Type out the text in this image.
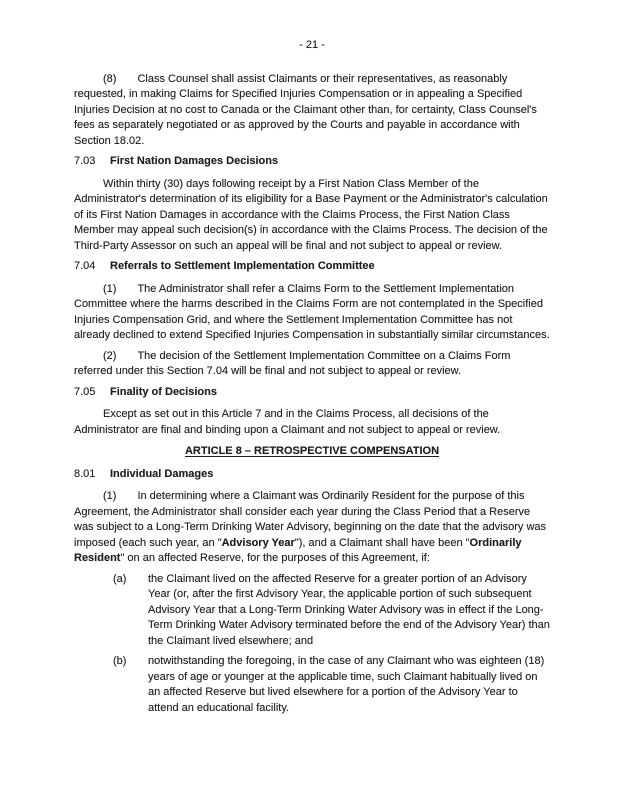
- 21 -

(8) Class Counsel shall assist Claimants or their representatives, as reasonably requested, in making Claims for Specified Injuries Compensation or in appealing a Specified Injuries Decision at no cost to Canada or the Claimant other than, for certainty, Class Counsel's fees as separately negotiated or as approved by the Courts and payable in accordance with Section 18.02.

7.03 First Nation Damages Decisions

Within thirty (30) days following receipt by a First Nation Class Member of the Administrator's determination of its eligibility for a Base Payment or the Administrator's calculation of its First Nation Damages in accordance with the Claims Process, the First Nation Class Member may appeal such decision(s) in accordance with the Claims Process. The decision of the Third-Party Assessor on such an appeal will be final and not subject to appeal or review.

7.04 Referrals to Settlement Implementation Committee

(1) The Administrator shall refer a Claims Form to the Settlement Implementation Committee where the harms described in the Claims Form are not contemplated in the Specified Injuries Compensation Grid, and where the Settlement Implementation Committee has not already declined to extend Specified Injuries Compensation in substantially similar circumstances.

(2) The decision of the Settlement Implementation Committee on a Claims Form referred under this Section 7.04 will be final and not subject to appeal or review.

7.05 Finality of Decisions

Except as set out in this Article 7 and in the Claims Process, all decisions of the Administrator are final and binding upon a Claimant and not subject to appeal or review.

ARTICLE 8 – RETROSPECTIVE COMPENSATION
8.01 Individual Damages

(1) In determining where a Claimant was Ordinarily Resident for the purpose of this Agreement, the Administrator shall consider each year during the Class Period that a Reserve was subject to a Long-Term Drinking Water Advisory, beginning on the date that the advisory was imposed (each such year, an "Advisory Year"), and a Claimant shall have been "Ordinarily Resident" on an affected Reserve, for the purposes of this Agreement, if:

(a) the Claimant lived on the affected Reserve for a greater portion of an Advisory Year (or, after the first Advisory Year, the applicable portion of such subsequent Advisory Year that a Long-Term Drinking Water Advisory was in effect if the Long-Term Drinking Water Advisory terminated before the end of the Advisory Year) than the Claimant lived elsewhere; and
(b) notwithstanding the foregoing, in the case of any Claimant who was eighteen (18) years of age or younger at the applicable time, such Claimant habitually lived on an affected Reserve but lived elsewhere for a portion of the Advisory Year to attend an educational facility.
